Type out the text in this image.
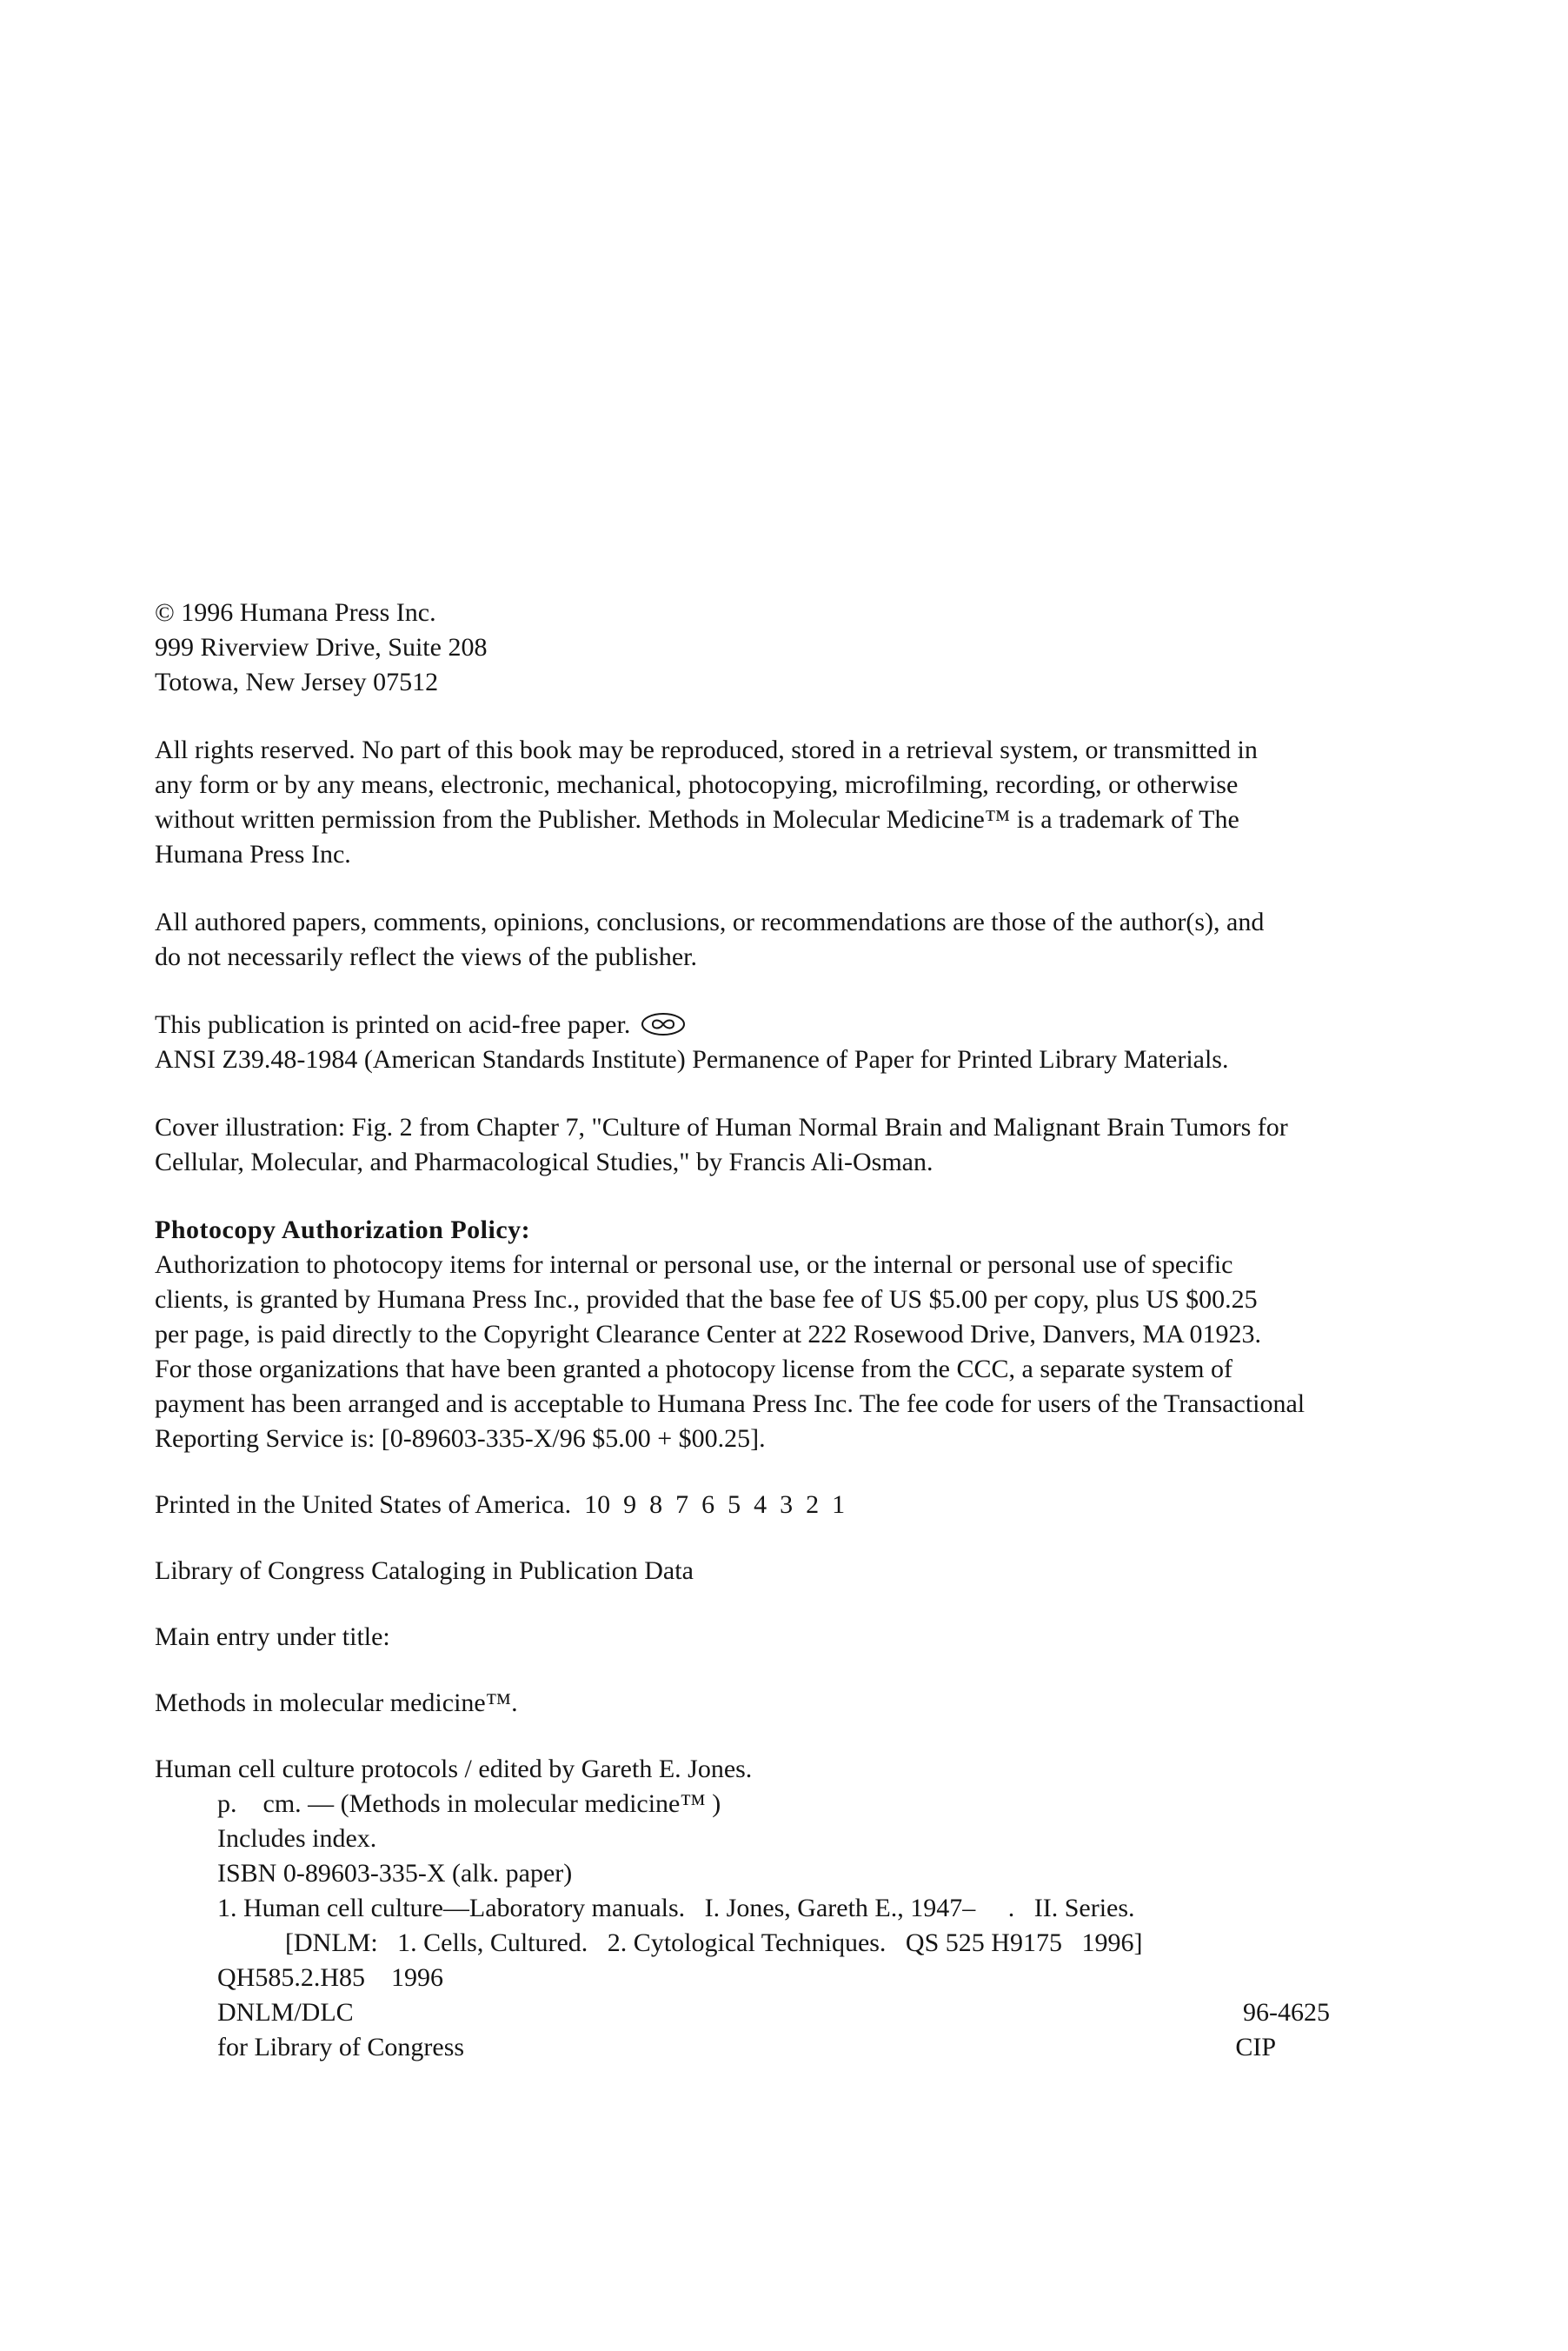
© 1996 Humana Press Inc.
999 Riverview Drive, Suite 208
Totowa, New Jersey 07512
All rights reserved. No part of this book may be reproduced, stored in a retrieval system, or transmitted in
any form or by any means, electronic, mechanical, photocopying, microfilming, recording, or otherwise
without written permission from the Publisher. Methods in Molecular Medicine™ is a trademark of The
Humana Press Inc.
All authored papers, comments, opinions, conclusions, or recommendations are those of the author(s), and
do not necessarily reflect the views of the publisher.
This publication is printed on acid-free paper.
ANSI Z39.48-1984 (American Standards Institute) Permanence of Paper for Printed Library Materials.
Cover illustration: Fig. 2 from Chapter 7, "Culture of Human Normal Brain and Malignant Brain Tumors for
Cellular, Molecular, and Pharmacological Studies," by Francis Ali-Osman.
Photocopy Authorization Policy:
Authorization to photocopy items for internal or personal use, or the internal or personal use of specific
clients, is granted by Humana Press Inc., provided that the base fee of US $5.00 per copy, plus US $00.25
per page, is paid directly to the Copyright Clearance Center at 222 Rosewood Drive, Danvers, MA 01923.
For those organizations that have been granted a photocopy license from the CCC, a separate system of
payment has been arranged and is acceptable to Humana Press Inc. The fee code for users of the Transactional
Reporting Service is: [0-89603-335-X/96 $5.00 + $00.25].
Printed in the United States of America. 10  9  8  7  6  5  4  3  2  1
Library of Congress Cataloging in Publication Data
Main entry under title:
Methods in molecular medicine™.
Human cell culture protocols / edited by Gareth E. Jones.
p.    cm. — (Methods in molecular medicine™ )
Includes index.
ISBN 0-89603-335-X (alk. paper)
1. Human cell culture—Laboratory manuals.   I. Jones, Gareth E., 1947–     .   II. Series.
[DNLM:   1. Cells, Cultured.   2. Cytological Techniques.   QS 525 H9175   1996]
QH585.2.H85    1996
DNLM/DLC	96-4625
for Library of Congress	CIP
